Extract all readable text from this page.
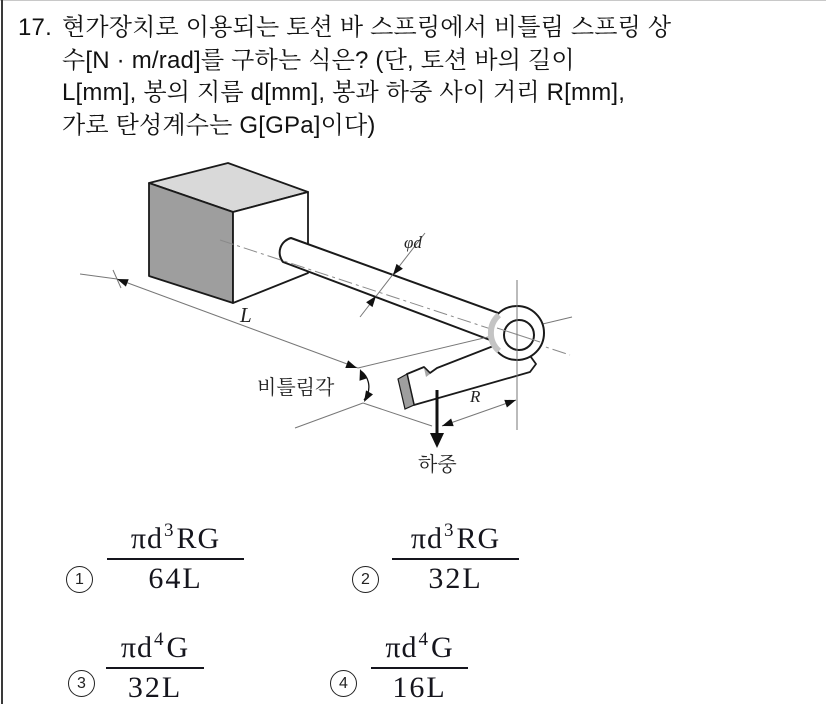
17. 현가장치로 이용되는 토션 바 스프링에서 비틀림 스프링 상
수[N · m/rad]를 구하는 식은? (단, 토션 바의 길이
L[mm], 봉의 지름 d[mm], 봉과 하중 사이 거리 R[mm],
가로 탄성계수는 G[GPa]이다)
L
φd
R
비틀림각
하중
1
$\pi d^3RG$
64L	2
$\pi d^3RG$
32L
3
$\pi d^4G$
32L	4
$\pi d^4G$
16L
